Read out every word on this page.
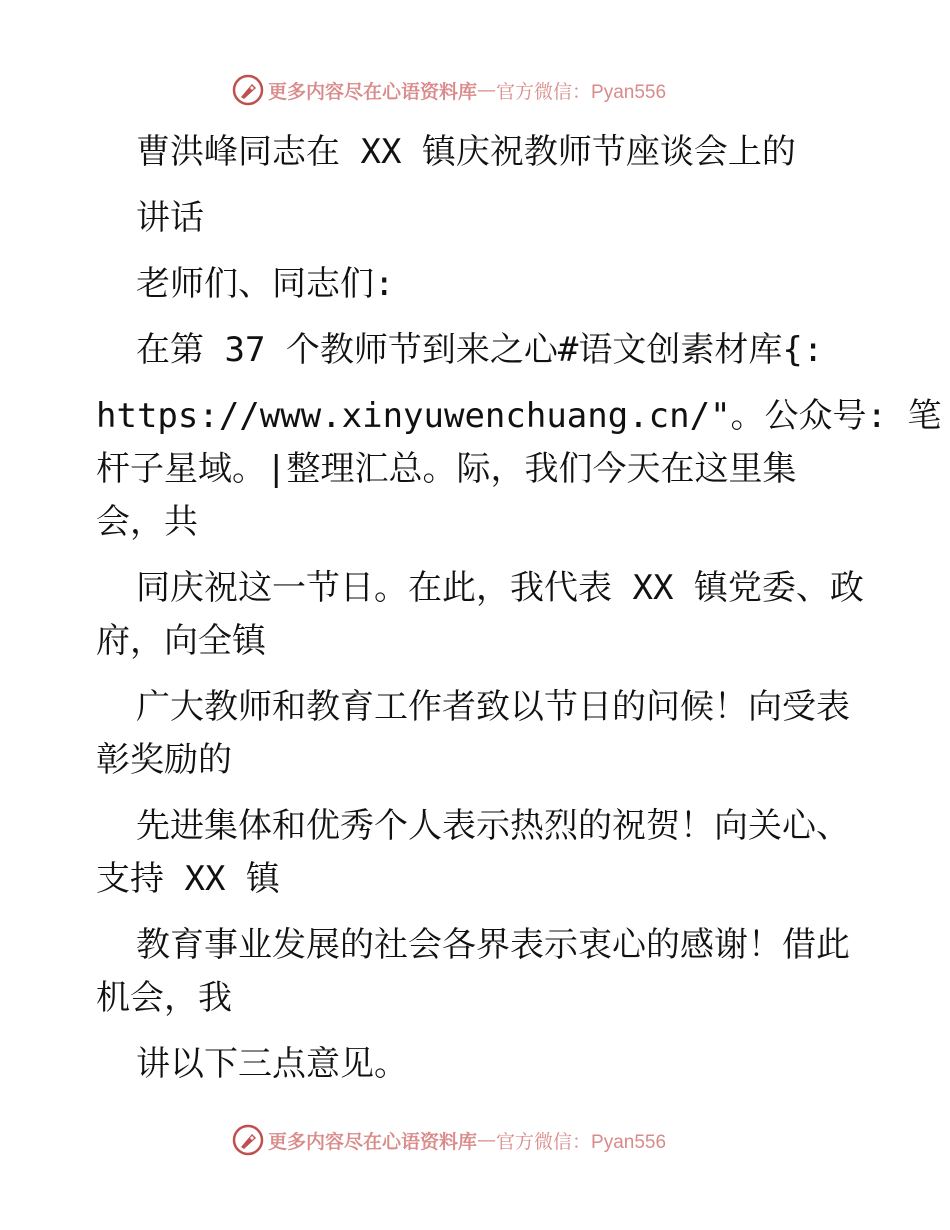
更多内容尽在心语资料库 — 官方微信：Pyan556
曹洪峰同志在 XX 镇庆祝教师节座谈会上的
讲话
老师们、同志们:
在第 37 个教师节到来之心#语文创素材库{:
https://www.xinyuwenchuang.cn/"。公众号: 笔
杆子星域。|整理汇总。际，我们今天在这里集
会，共
同庆祝这一节日。在此，我代表 XX 镇党委、政
府，向全镇
广大教师和教育工作者致以节日的问候！向受表
彰奖励的
先进集体和优秀个人表示热烈的祝贺！向关心、
支持 XX 镇
教育事业发展的社会各界表示衷心的感谢！借此
机会，我
讲以下三点意见。
更多内容尽在心语资料库 — 官方微信：Pyan556
